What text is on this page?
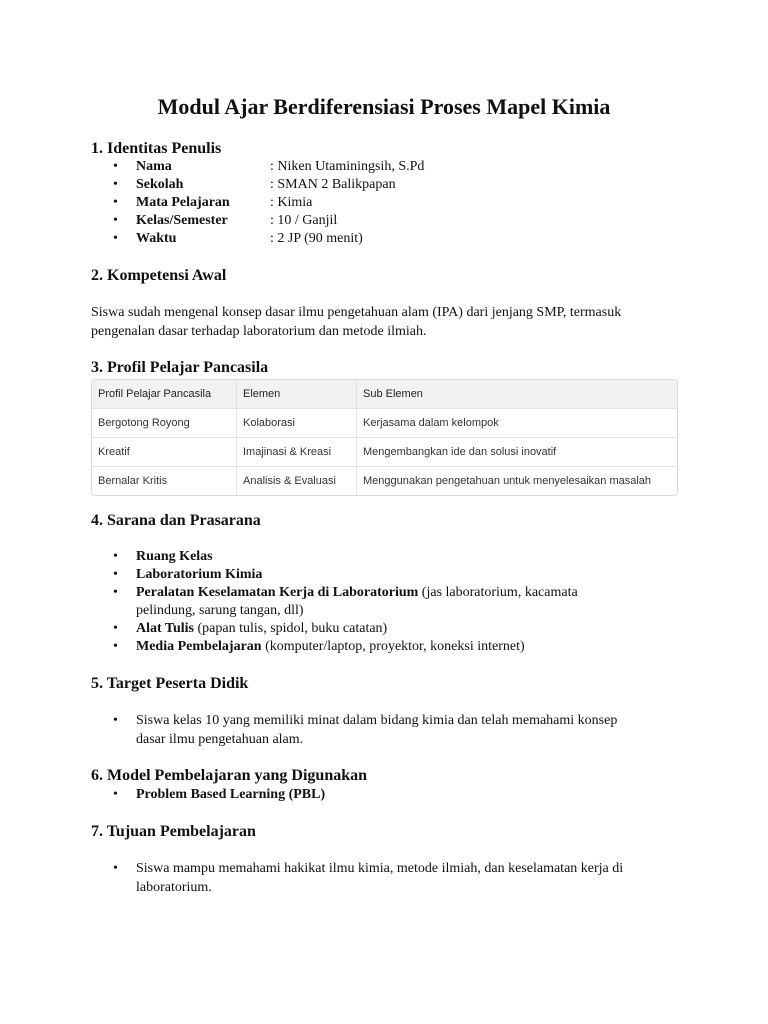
Modul Ajar Berdiferensiasi Proses Mapel Kimia
1. Identitas Penulis
• Nama	: Niken Utaminingsih, S.Pd
• Sekolah	: SMAN 2 Balikpapan
• Mata Pelajaran	: Kimia
• Kelas/Semester	: 10 / Ganjil
• Waktu	: 2 JP (90 menit)
2. Kompetensi Awal

Siswa sudah mengenal konsep dasar ilmu pengetahuan alam (IPA) dari jenjang SMP, termasuk
pengenalan dasar terhadap laboratorium dan metode ilmiah.

3. Profil Pelajar Pancasila
Profil Pelajar Pancasila	Elemen	Sub Elemen
Bergotong Royong	Kolaborasi	Kerjasama dalam kelompok
Kreatif	Imajinasi & Kreasi	Mengembangkan ide dan solusi inovatif
Bernalar Kritis	Analisis & Evaluasi	Menggunakan pengetahuan untuk menyelesaikan masalah
4. Sarana dan Prasarana
• Ruang Kelas
• Laboratorium Kimia
• Peralatan Keselamatan Kerja di Laboratorium (jas laboratorium, kacamata
pelindung, sarung tangan, dll)
• Alat Tulis (papan tulis, spidol, buku catatan)
• Media Pembelajaran (komputer/laptop, proyektor, koneksi internet)
5. Target Peserta Didik
• Siswa kelas 10 yang memiliki minat dalam bidang kimia dan telah memahami konsep
dasar ilmu pengetahuan alam.
6. Model Pembelajaran yang Digunakan
• Problem Based Learning (PBL)
7. Tujuan Pembelajaran
• Siswa mampu memahami hakikat ilmu kimia, metode ilmiah, dan keselamatan kerja di
laboratorium.
